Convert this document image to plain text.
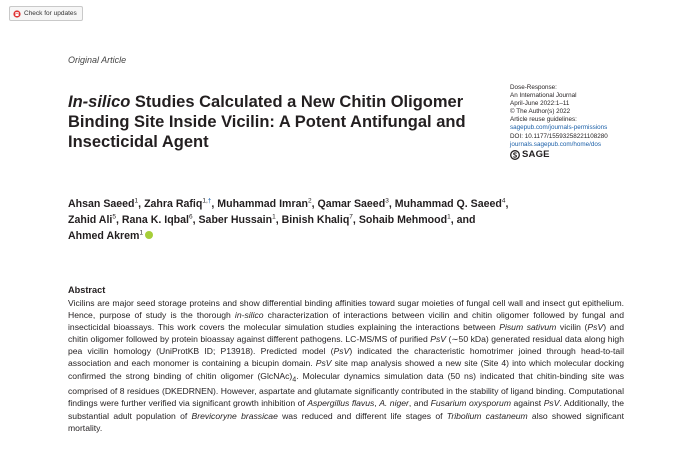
Check for updates
Original Article
Dose-Response:
An International Journal
April-June 2022:1–11
© The Author(s) 2022
Article reuse guidelines:
sagepub.com/journals-permissions
DOI: 10.1177/15593258221108280
journals.sagepub.com/home/dos
SAGE
In-silico Studies Calculated a New Chitin Oligomer Binding Site Inside Vicilin: A Potent Antifungal and Insecticidal Agent
Ahsan Saeed$^1$, Zahra Rafiq$^{1,\dagger}$, Muhammad Imran$^2$, Qamar Saeed$^3$, Muhammad Q. Saeed$^4$,
Zahid Ali$^5$, Rana K. Iqbal$^6$, Saber Hussain$^1$, Binish Khaliq$^7$, Sohaib Mehmood$^1$, and
Ahmed Akrem$^1$
Abstract

Vicilins are major seed storage proteins and show differential binding affinities toward sugar moieties of fungal cell wall and insect gut epithelium. Hence, purpose of study is the thorough in-silico characterization of interactions between vicilin and chitin oligomer followed by fungal and insecticidal bioassays. This work covers the molecular simulation studies explaining the interactions between Pisum sativum vicilin (PsV) and chitin oligomer followed by protein bioassay against different pathogens. LC-MS/MS of purified PsV (∼50 kDa) generated residual data along high pea vicilin homology (UniProtKB ID; P13918). Predicted model (PsV) indicated the characteristic homotrimer joined through head-to-tail association and each monomer is containing a bicupin domain. PsV site map analysis showed a new site (Site 4) into which molecular docking confirmed the strong binding of chitin oligomer $(GlcNAc)_4$. Molecular dynamics simulation data (50 ns) indicated that chitin-binding site was comprised of 8 residues (DKEDRNEN). However, aspartate and glutamate significantly contributed in the stability of ligand binding. Computational findings were further verified via significant growth inhibition of Aspergillus flavus, A. niger, and Fusarium oxysporum against PsV. Additionally, the substantial adult population of Brevicoryne brassicae was reduced and different life stages of Tribolium castaneum also showed significant mortality.
